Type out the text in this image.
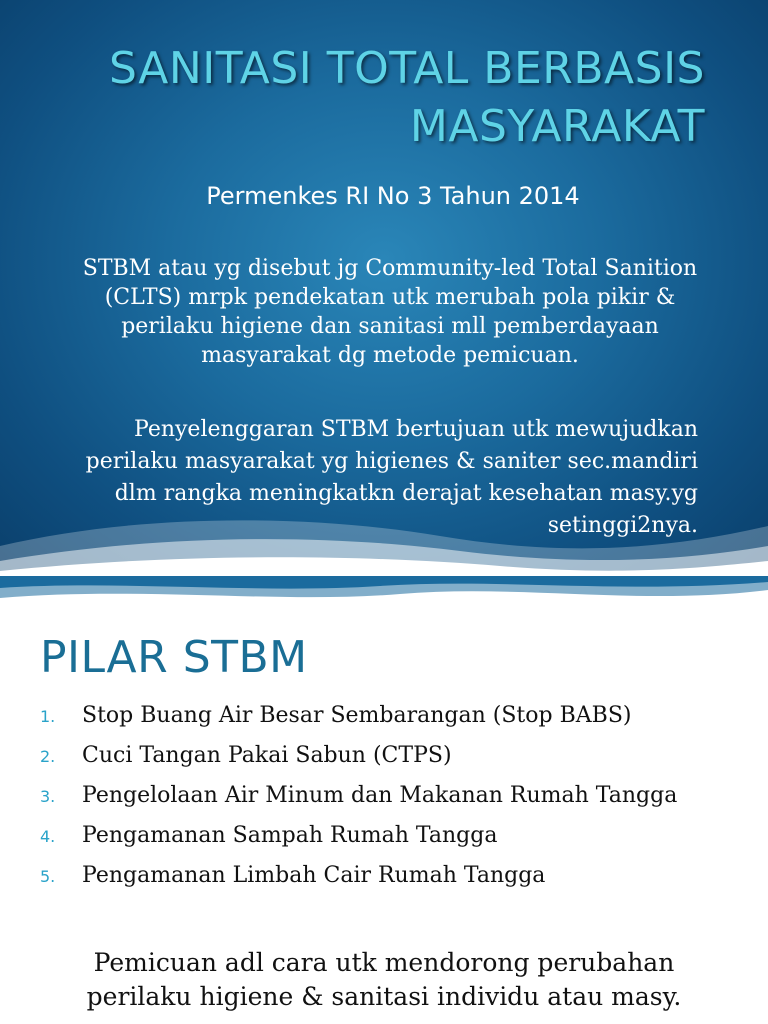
SANITASI TOTAL BERBASIS
MASYARAKAT
Permenkes RI No 3 Tahun 2014
STBM atau yg disebut jg Community-led Total Sanition (CLTS) mrpk pendekatan utk merubah pola pikir & perilaku higiene dan sanitasi mll pemberdayaan masyarakat dg metode pemicuan.
Penyelenggaran STBM bertujuan utk mewujudkan perilaku masyarakat yg higienes & saniter sec.mandiri dlm rangka meningkatkn derajat kesehatan masy.yg setinggi2nya.
PILAR STBM
1. Stop Buang Air Besar Sembarangan (Stop BABS)
2. Cuci Tangan Pakai Sabun (CTPS)
3. Pengelolaan Air Minum dan Makanan Rumah Tangga
4. Pengamanan Sampah Rumah Tangga
5. Pengamanan Limbah Cair Rumah Tangga
Pemicuan adl cara utk mendorong perubahan perilaku higiene & sanitasi individu atau masy.
